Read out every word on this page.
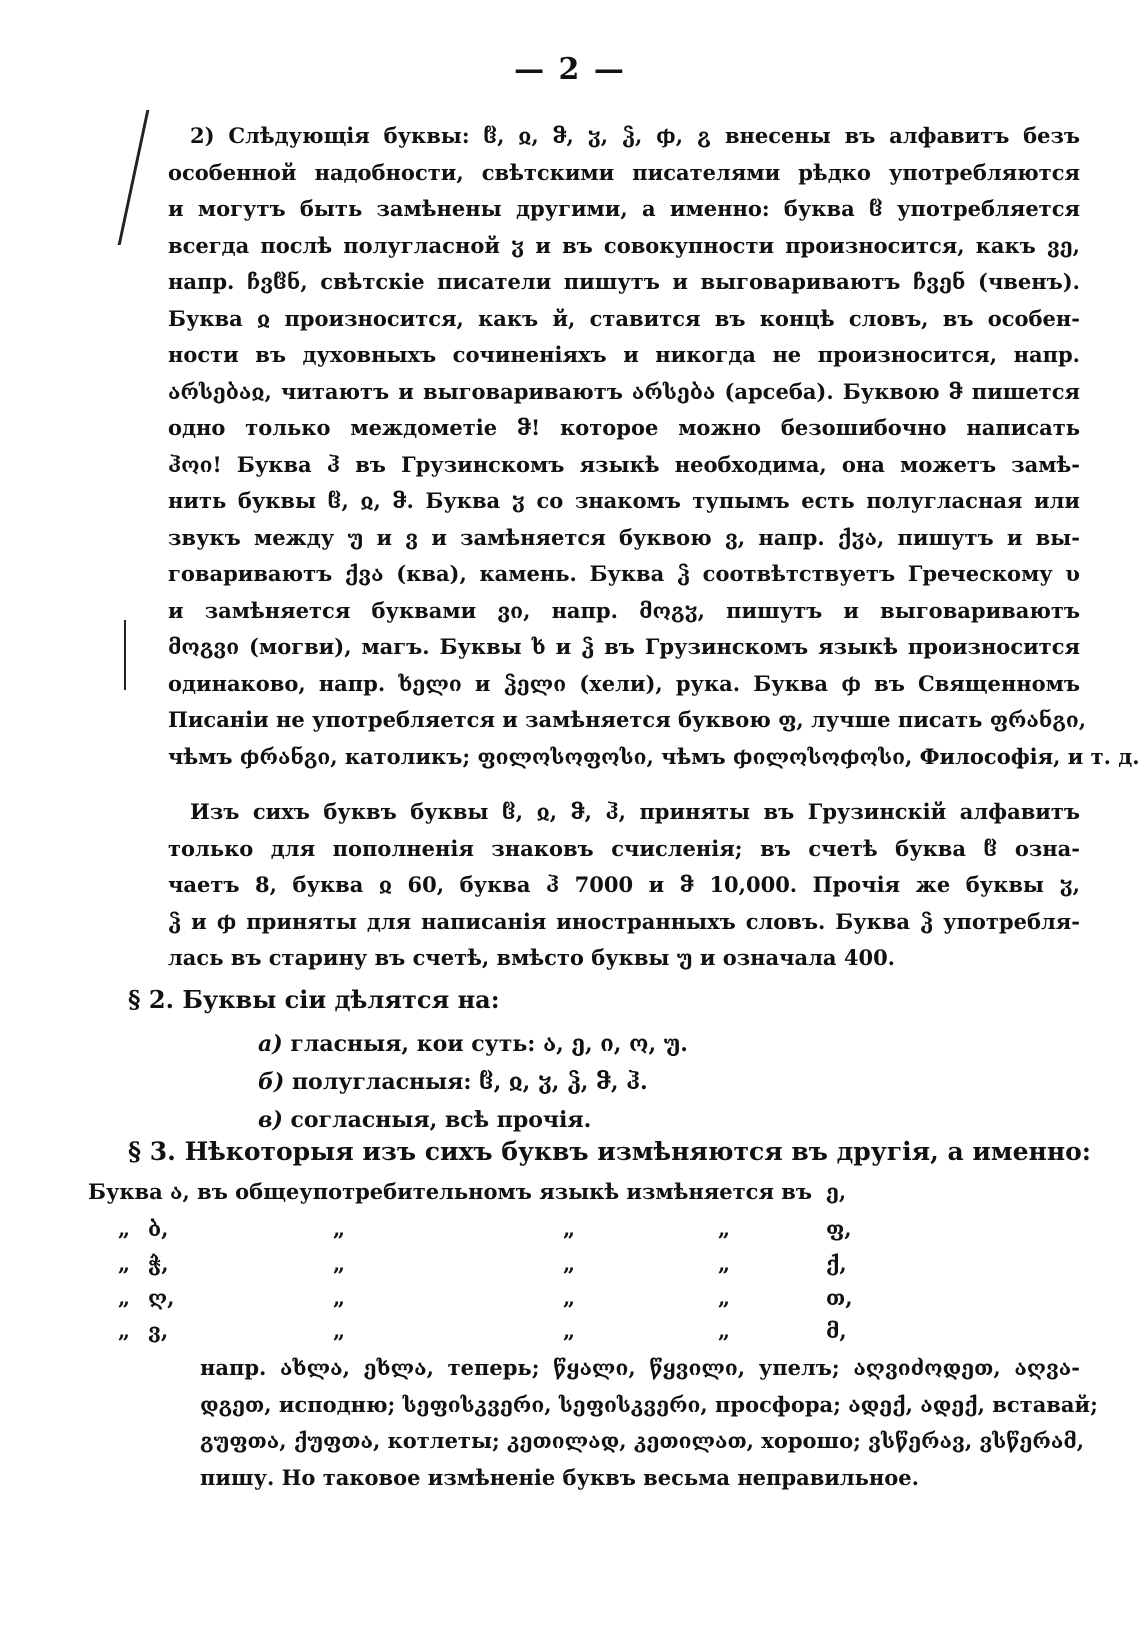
— 2 —
2) Слѣдующія буквы: ჱ, ჲ, ჵ, ჳ, ჴ, ჶ, ჷ внесены въ алфавитъ безъ
особенной надобности, свѣтскими писателями рѣдко употребляются
и могутъ быть замѣнены другими, а именно: буква ჱ употребляется
всегда послѣ полугласной ჳ и въ совокупности произносится, какъ ვე,
напр. ჩვჱნ, свѣтскіе писатели пишутъ и выговариваютъ ჩვენ (чвенъ).
Буква ჲ произносится, какъ й, ставится въ концѣ словъ, въ особен-
ности въ духовныхъ сочиненіяхъ и никогда не произносится, напр.
არსებაჲ, читаютъ и выговариваютъ არსება (арсеба). Буквою ჵ пишется
одно только междометіе ჵ! которое можно безошибочно написать
ჰოი! Буква ჰ въ Грузинскомъ языкѣ необходима, она можетъ замѣ-
нить буквы ჱ, ჲ, ჵ. Буква ჳ со знакомъ тупымъ есть полугласная или
звукъ между უ и ვ и замѣняется буквою ვ, напр. ქჳა, пишутъ и вы-
говариваютъ ქვა (ква), камень. Буква ჴ соотвѣтствуетъ Греческому υ
и замѣняется буквами ვი, напр. მოგჳ, пишутъ и выговариваютъ
მოგვი (могви), магъ. Буквы ხ и ჴ въ Грузинскомъ языкѣ произносится
одинаково, напр. ხელი и ჴელი (хели), рука. Буква ჶ въ Священномъ
Писаніи не употребляется и замѣняется буквою ფ, лучше писать ფრანგი,
чѣмъ ჶრანგი, католикъ; ფილოსოფოსი, чѣмъ ჶილოსოჶოსი, Философія, и т. д.
Изъ сихъ буквъ буквы ჱ, ჲ, ჵ, ჰ, приняты въ Грузинскій алфавитъ
только для пополненія знаковъ счисленія; въ счетѣ буква ჱ озна-
чаетъ 8, буква ჲ 60, буква ჰ 7000 и ჵ 10,000. Прочія же буквы ჳ,
ჴ и ჶ приняты для написанія иностранныхъ словъ. Буква ჴ употребля-
лась въ старину въ счетѣ, вмѣсто буквы უ и означала 400.
§ 2. Буквы сіи дѣлятся на:
а) гласныя, кои суть: ა, ე, ი, ო, უ.
б) полугласныя: ჱ, ჲ, ჳ, ჴ, ჵ, ჰ.
в) согласныя, всѣ прочія.
§ 3. Нѣкоторыя изъ сихъ буквъ измѣняются въ другія, а именно:
Буква ა, въ общеупотребительномъ языкѣ измѣняется въ ე,
„ ბ,	„	„	„	ფ,
„ ჭ,	„	„	„	ქ,
„ ღ,	„	„	„	თ,
„ ვ,	„	„	„	მ,
напр. ახლა, ეხლა, теперь; წყალი, წყვილი, упелъ; აღვიძოდეთ, აღვა-
დგეთ, исподню; სეფისკვერი, სეფისკვერი, просфора; ადექ, ადექ, вставай;
გუფთა, ქუფთა, котлеты; კეთილად, კეთილათ, хорошо; ვსწერავ, ვსწერამ,
пишу. Но таковое измѣненіе буквъ весьма неправильное.
